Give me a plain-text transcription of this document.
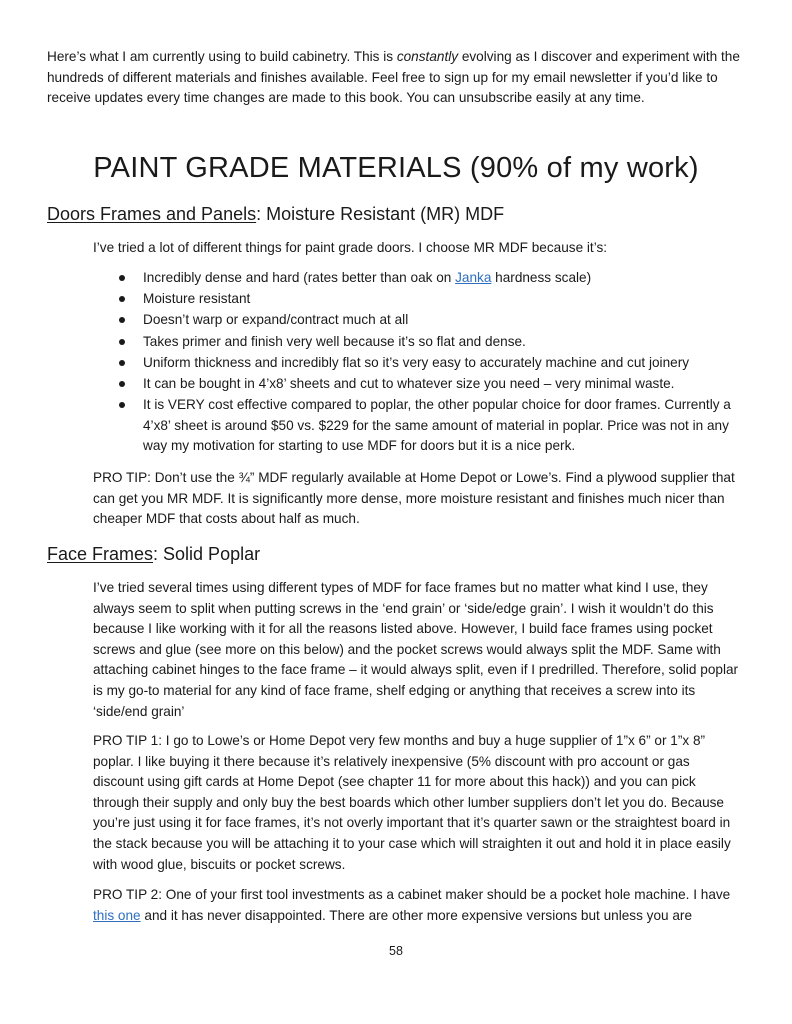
Here’s what I am currently using to build cabinetry. This is constantly evolving as I discover and experiment with the hundreds of different materials and finishes available. Feel free to sign up for my email newsletter if you’d like to receive updates every time changes are made to this book. You can unsubscribe easily at any time.

PAINT GRADE MATERIALS (90% of my work)
Doors Frames and Panels: Moisture Resistant (MR) MDF

I’ve tried a lot of different things for paint grade doors. I choose MR MDF because it’s:

Incredibly dense and hard (rates better than oak on Janka hardness scale)
Moisture resistant
Doesn’t warp or expand/contract much at all
Takes primer and finish very well because it’s so flat and dense.
Uniform thickness and incredibly flat so it’s very easy to accurately machine and cut joinery
It can be bought in 4’x8’ sheets and cut to whatever size you need – very minimal waste.
It is VERY cost effective compared to poplar, the other popular choice for door frames. Currently a 4’x8’ sheet is around $50 vs. $229 for the same amount of material in poplar. Price was not in any way my motivation for starting to use MDF for doors but it is a nice perk.

PRO TIP: Don’t use the ¾” MDF regularly available at Home Depot or Lowe’s. Find a plywood supplier that can get you MR MDF. It is significantly more dense, more moisture resistant and finishes much nicer than cheaper MDF that costs about half as much.

Face Frames: Solid Poplar

I’ve tried several times using different types of MDF for face frames but no matter what kind I use, they always seem to split when putting screws in the ‘end grain’ or ‘side/edge grain’. I wish it wouldn’t do this because I like working with it for all the reasons listed above. However, I build face frames using pocket screws and glue (see more on this below) and the pocket screws would always split the MDF. Same with attaching cabinet hinges to the face frame – it would always split, even if I predrilled. Therefore, solid poplar is my go-to material for any kind of face frame, shelf edging or anything that receives a screw into its ‘side/end grain’

PRO TIP 1: I go to Lowe’s or Home Depot very few months and buy a huge supplier of 1”x 6” or 1”x 8” poplar. I like buying it there because it’s relatively inexpensive (5% discount with pro account or gas discount using gift cards at Home Depot (see chapter 11 for more about this hack)) and you can pick through their supply and only buy the best boards which other lumber suppliers don’t let you do. Because you’re just using it for face frames, it’s not overly important that it’s quarter sawn or the straightest board in the stack because you will be attaching it to your case which will straighten it out and hold it in place easily with wood glue, biscuits or pocket screws.

PRO TIP 2: One of your first tool investments as a cabinet maker should be a pocket hole machine. I have this one and it has never disappointed. There are other more expensive versions but unless you are

58
